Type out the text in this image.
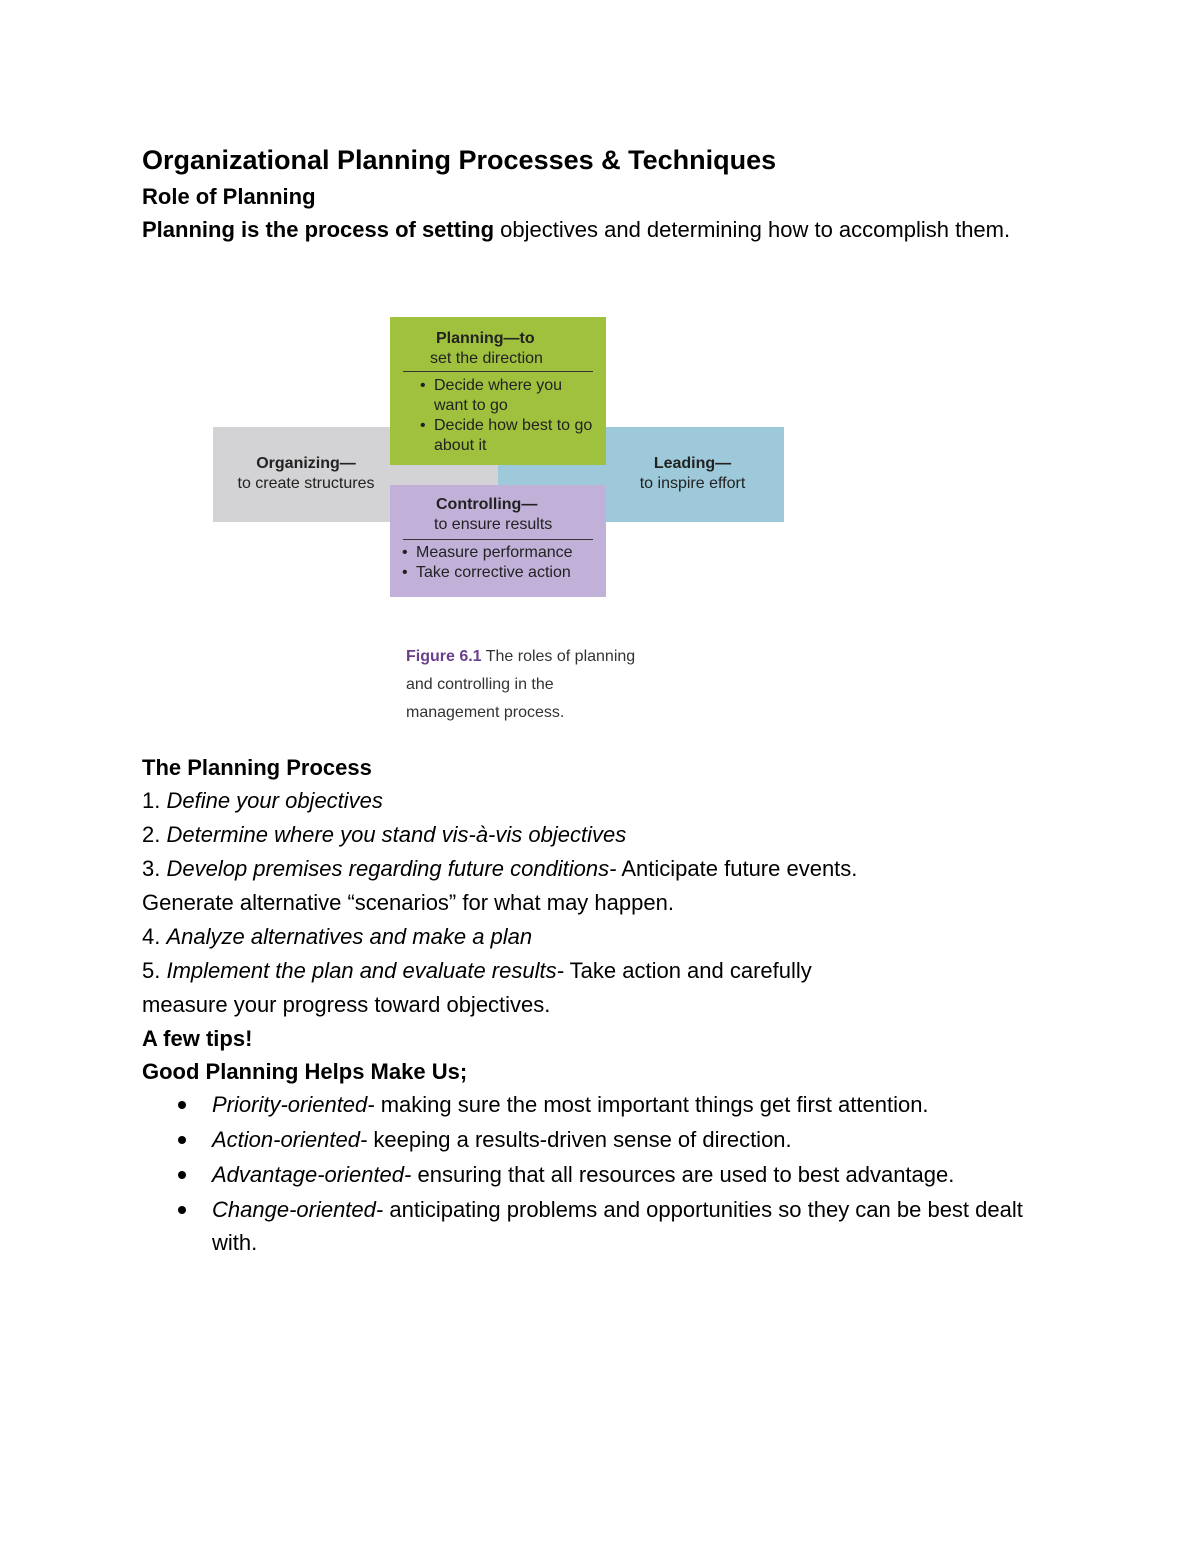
Organizational Planning Processes & Techniques

Role of Planning

Planning is the process of setting objectives and determining how to accomplish them.

Organizing—
to create structures
Leading—
to inspire effort
Planning—to
set the direction
• Decide where you want to go
• Decide how best to go about it
Controlling—
to ensure results
• Measure performance
• Take corrective action
Figure 6.1 The roles of planning and controlling in the management process.

The Planning Process

1. Define your objectives

2. Determine where you stand vis-à-vis objectives

3. Develop premises regarding future conditions- Anticipate future events.

Generate alternative “scenarios” for what may happen.

4. Analyze alternatives and make a plan

5. Implement the plan and evaluate results- Take action and carefully

measure your progress toward objectives.

A few tips!

Good Planning Helps Make Us;

Priority-oriented- making sure the most important things get first attention.
Action-oriented- keeping a results-driven sense of direction.
Advantage-oriented- ensuring that all resources are used to best advantage.
Change-oriented- anticipating problems and opportunities so they can be best dealt with.
